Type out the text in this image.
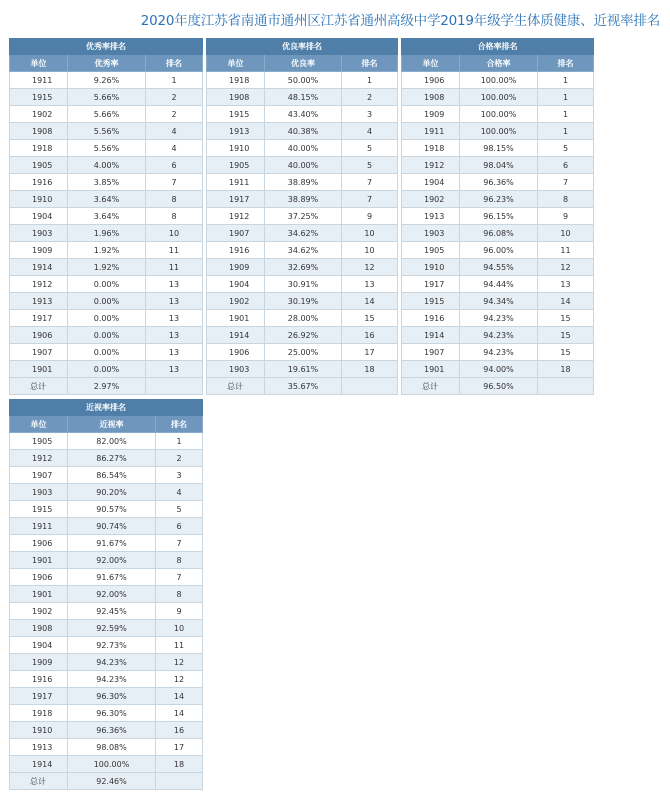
2020年度江苏省南通市通州区江苏省通州高级中学2019年级学生体质健康、近视率排名
优秀率排名		
单位	优秀率	排名
1911	9.26%	1
1915	5.66%	2
1902	5.66%	2
1908	5.56%	4
1918	5.56%	4
1905	4.00%	6
1916	3.85%	7
1910	3.64%	8
1904	3.64%	8
1903	1.96%	10
1909	1.92%	11
1914	1.92%	11
1912	0.00%	13
1913	0.00%	13
1917	0.00%	13
1906	0.00%	13
1907	0.00%	13
1901	0.00%	13
总计	2.97%	
优良率排名		
单位	优良率	排名
1918	50.00%	1
1908	48.15%	2
1915	43.40%	3
1913	40.38%	4
1910	40.00%	5
1905	40.00%	5
1911	38.89%	7
1917	38.89%	7
1912	37.25%	9
1907	34.62%	10
1916	34.62%	10
1909	32.69%	12
1904	30.91%	13
1902	30.19%	14
1901	28.00%	15
1914	26.92%	16
1906	25.00%	17
1903	19.61%	18
总计	35.67%	
合格率排名		
单位	合格率	排名
1906	100.00%	1
1908	100.00%	1
1909	100.00%	1
1911	100.00%	1
1918	98.15%	5
1912	98.04%	6
1904	96.36%	7
1902	96.23%	8
1913	96.15%	9
1903	96.08%	10
1905	96.00%	11
1910	94.55%	12
1917	94.44%	13
1915	94.34%	14
1916	94.23%	15
1914	94.23%	15
1907	94.23%	15
1901	94.00%	18
总计	96.50%	
近视率排名		
单位	近视率	排名
1905	82.00%	1
1912	86.27%	2
1907	86.54%	3
1903	90.20%	4
1915	90.57%	5
1911	90.74%	6
1906	91.67%	7
1901	92.00%	8
1906	91.67%	7
1901	92.00%	8
1902	92.45%	9
1908	92.59%	10
1904	92.73%	11
1909	94.23%	12
1916	94.23%	12
1917	96.30%	14
1918	96.30%	14
1910	96.36%	16
1913	98.08%	17
1914	100.00%	18
总计	92.46%	
